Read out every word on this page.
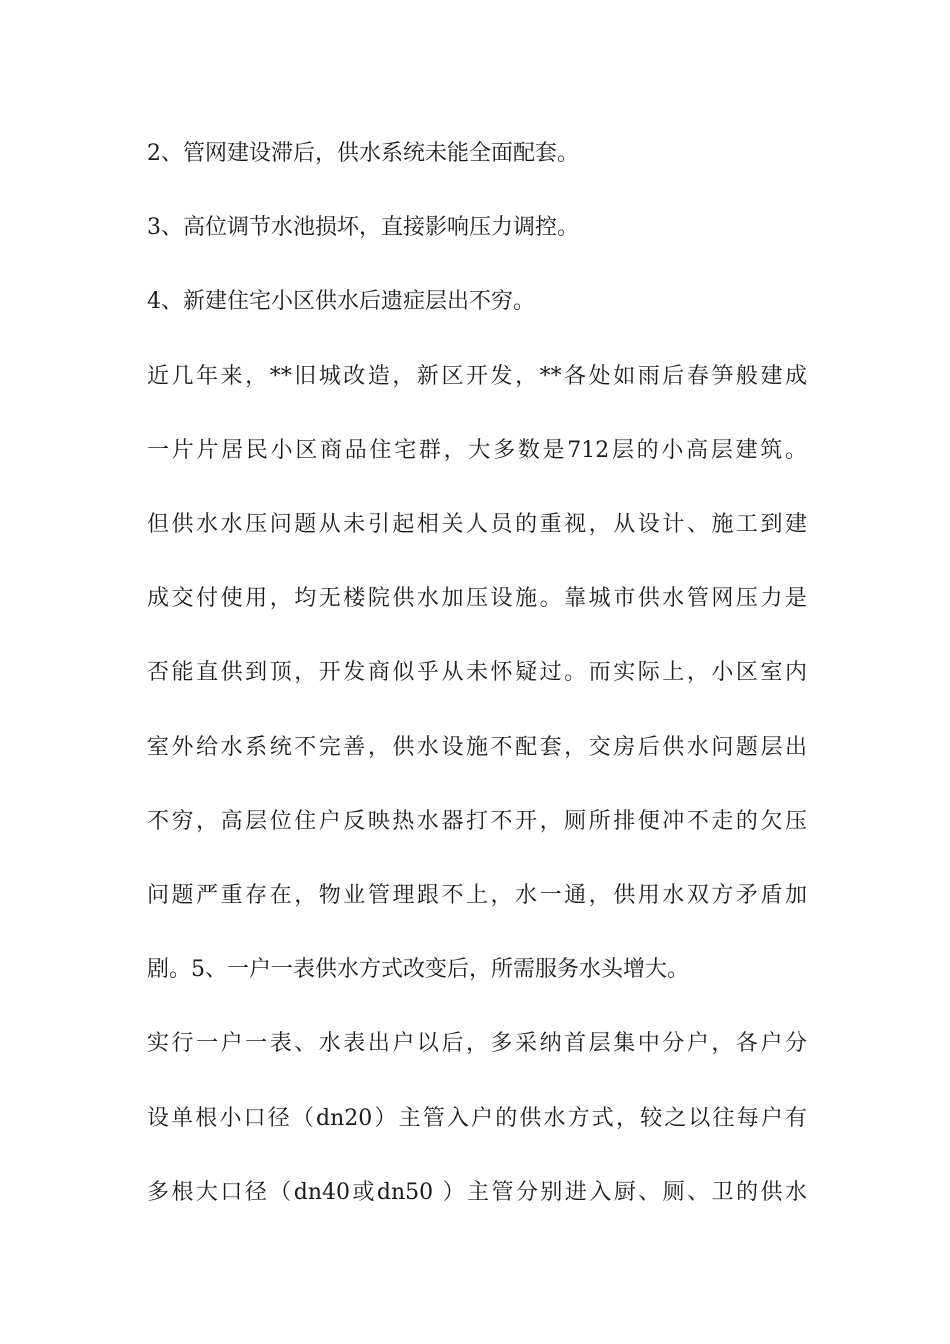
2、管网建设滞后，供水系统未能全面配套。
3、高位调节水池损坏，直接影响压力调控。
4、新建住宅小区供水后遗症层出不穷。
近几年来，**旧城改造，新区开发，**各处如雨后春笋般建成
一片片居民小区商品住宅群，大多数是712层的小高层建筑。
但供水水压问题从未引起相关人员的重视，从设计、施工到建
成交付使用，均无楼院供水加压设施。靠城市供水管网压力是
否能直供到顶，开发商似乎从未怀疑过。而实际上，小区室内
室外给水系统不完善，供水设施不配套，交房后供水问题层出
不穷，高层位住户反映热水器打不开，厕所排便冲不走的欠压
问题严重存在，物业管理跟不上，水一通，供用水双方矛盾加
剧。5、一户一表供水方式改变后，所需服务水头增大。
实行一户一表、水表出户以后，多采纳首层集中分户，各户分
设单根小口径（dn20）主管入户的供水方式，较之以往每户有
多根大口径（dn40或dn50 ）主管分别进入厨、厕、卫的供水
